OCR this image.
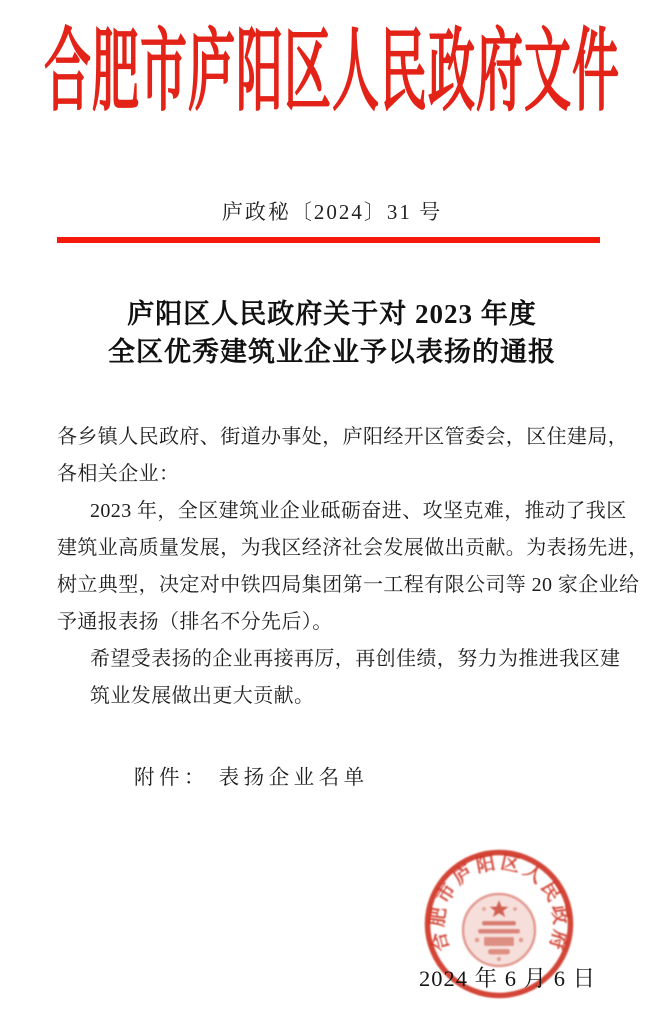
合肥市庐阳区人民政府文件
庐政秘〔2024〕31 号
庐阳区人民政府关于对 2023 年度
全区优秀建筑业企业予以表扬的通报
各乡镇人民政府、街道办事处，庐阳经开区管委会，区住建局，
各相关企业：
2023 年，全区建筑业企业砥砺奋进、攻坚克难，推动了我区
建筑业高质量发展，为我区经济社会发展做出贡献。为表扬先进，
树立典型，决定对中铁四局集团第一工程有限公司等 20 家企业给
予通报表扬（排名不分先后）。
希望受表扬的企业再接再厉，再创佳绩，努力为推进我区建
筑业发展做出更大贡献。
附件： 表扬企业名单
合肥市庐阳区人民政府
2024 年 6 月 6 日
